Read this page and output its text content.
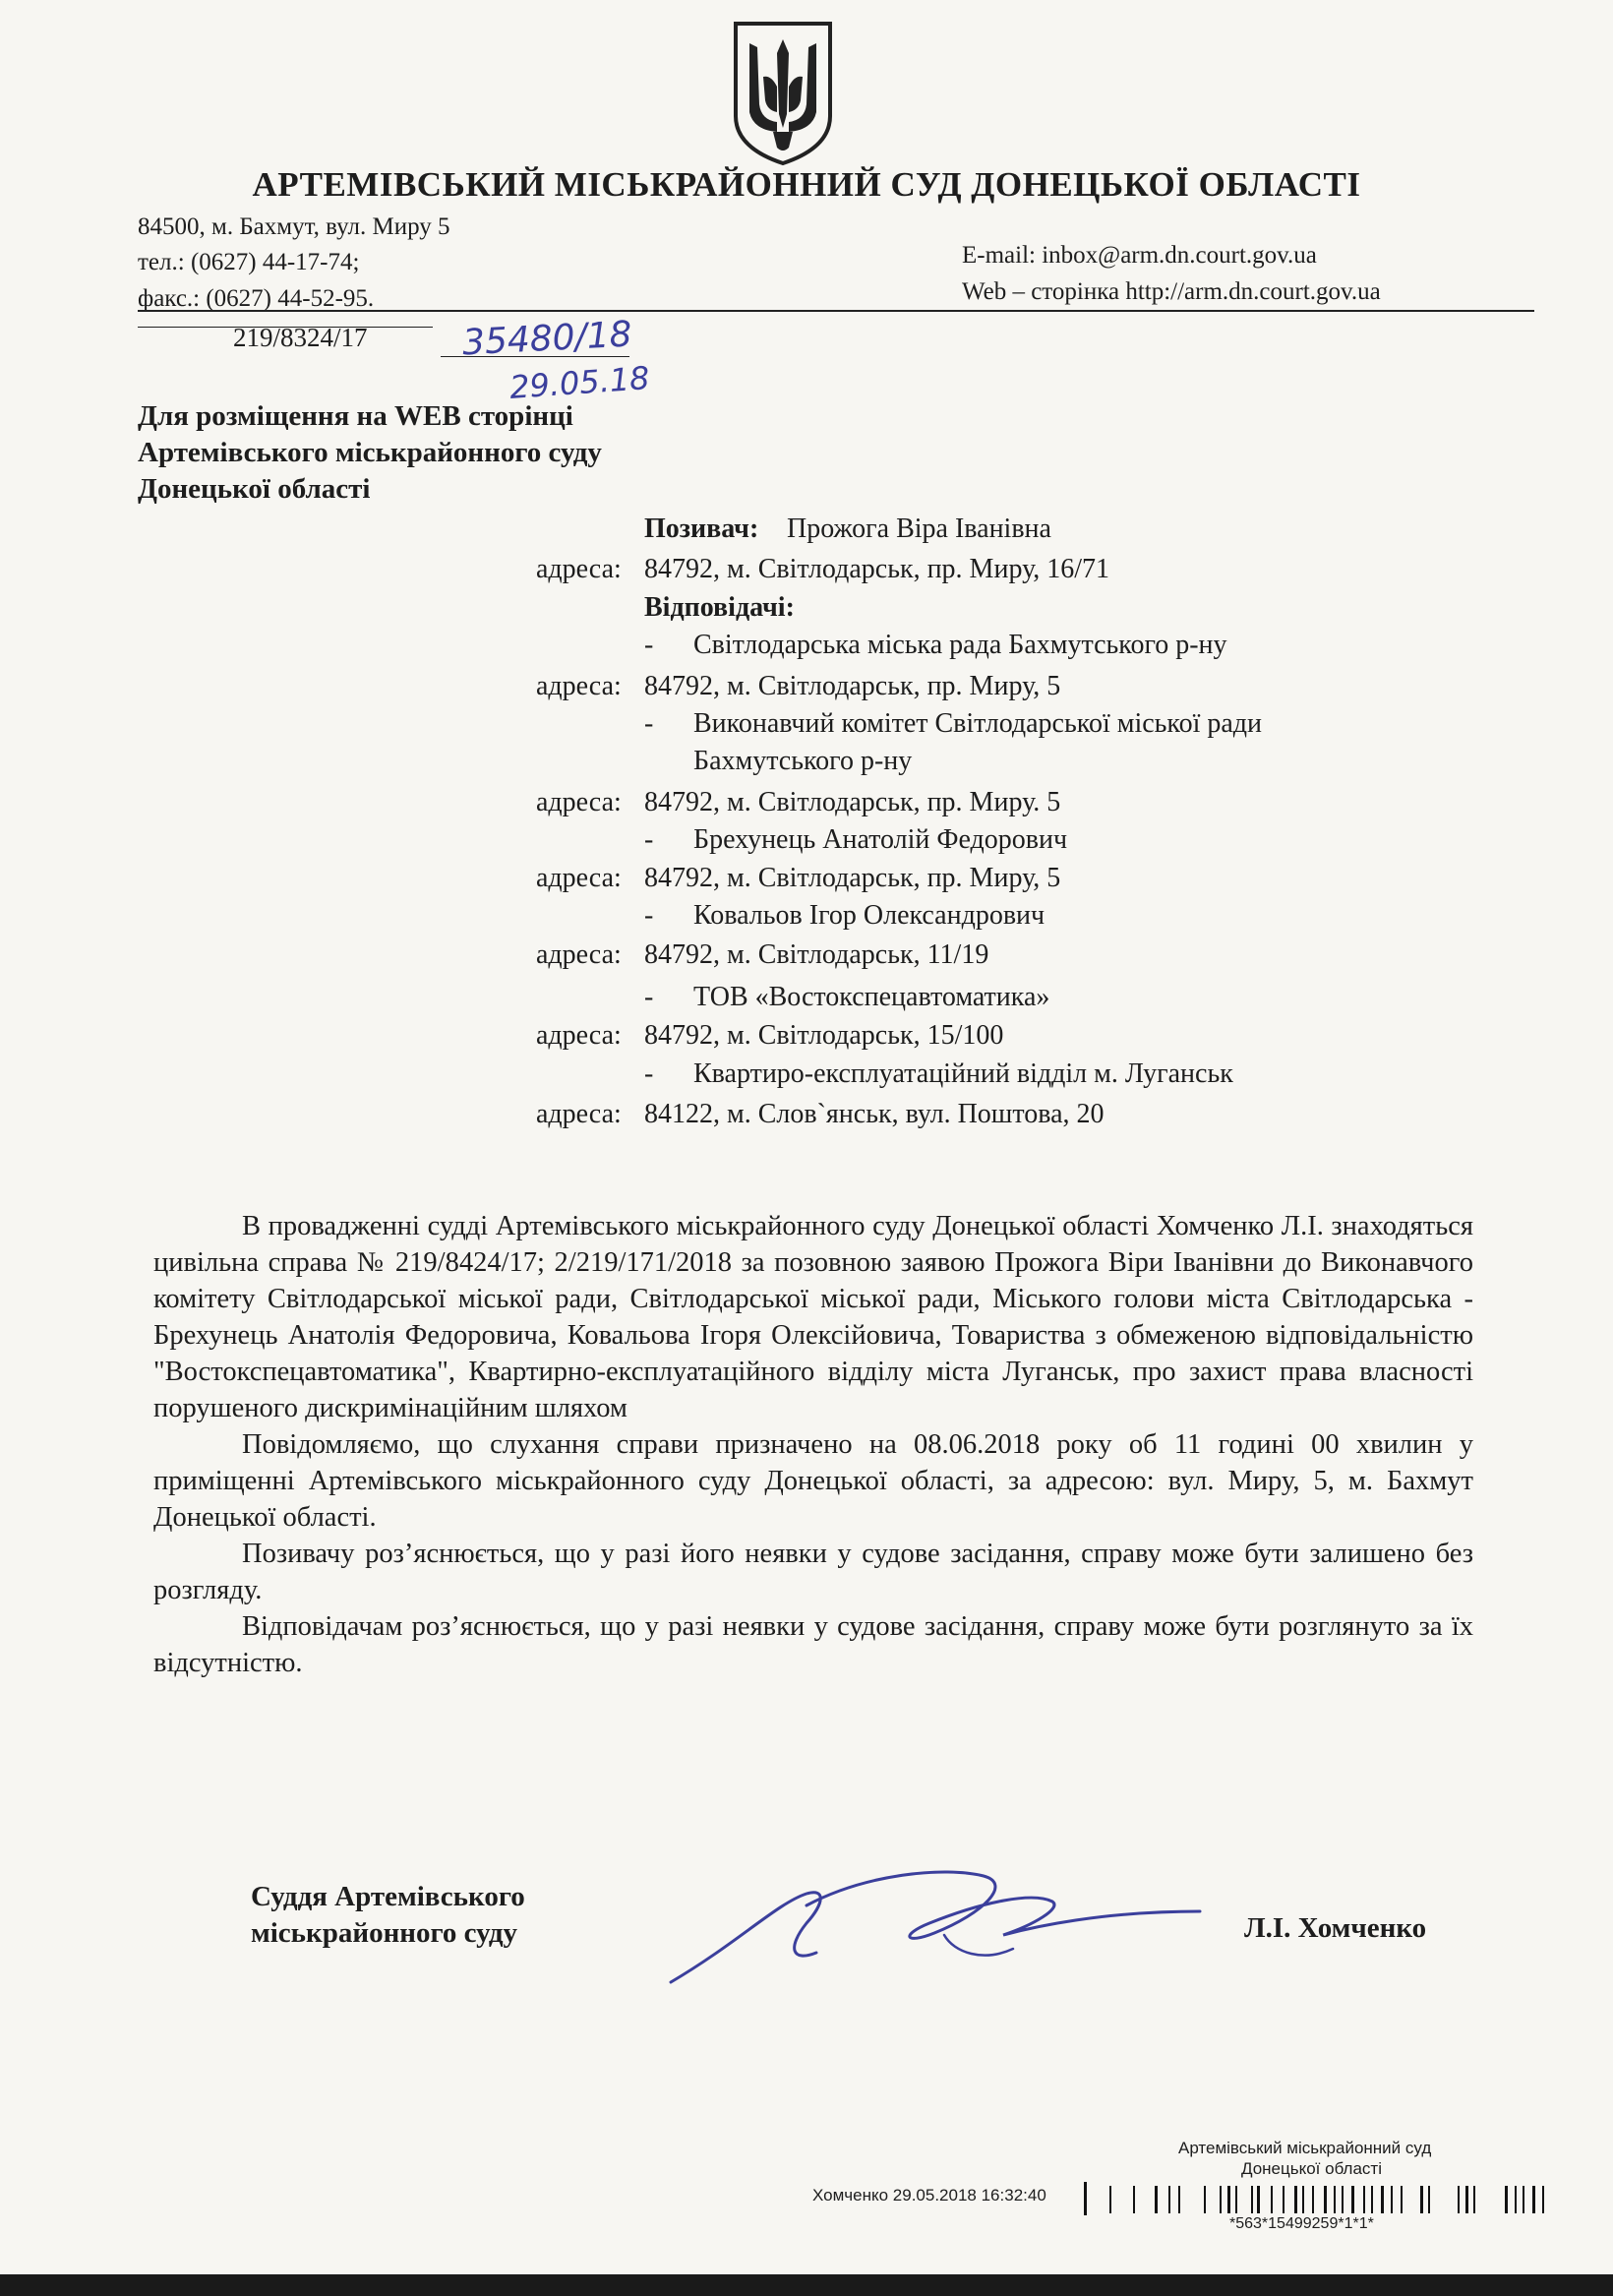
АРТЕМІВСЬКИЙ МІСЬКРАЙОННИЙ СУД ДОНЕЦЬКОЇ ОБЛАСТІ
84500, м. Бахмут, вул. Миру 5
тел.: (0627) 44-17-74;
факс.: (0627) 44-52-95.
E-mail: inbox@arm.dn.court.gov.ua
Web – сторінка http://arm.dn.court.gov.ua
219/8324/17	35480/18
29.05.18
Для розміщення на WEB сторінці
Артемівського міськрайонного суду
Донецької області
Позивач: Прожога Віра Іванівна
адреса: 84792, м. Світлодарськ, пр. Миру, 16/71
Відповідачі:
- Світлодарська міська рада Бахмутського р-ну
адреса: 84792, м. Світлодарськ, пр. Миру, 5
- Виконавчий комітет Світлодарської міської ради
Бахмутського р-ну
адреса: 84792, м. Світлодарськ, пр. Миру. 5
- Брехунець Анатолій Федорович
адреса: 84792, м. Світлодарськ, пр. Миру, 5
- Ковальов Ігор Олександрович
адреса: 84792, м. Світлодарськ, 11/19
- ТОВ «Востокспецавтоматика»
адреса: 84792, м. Світлодарськ, 15/100
- Квартиро-експлуатаційний відділ м. Луганськ
адреса: 84122, м. Слов`янськ, вул. Поштова, 20

В провадженні судді Артемівського міськрайонного суду Донецької області Хомченко Л.І. знаходяться цивільна справа № 219/8424/17; 2/219/171/2018 за позовною заявою Прожога Віри Іванівни до Виконавчого комітету Світлодарської міської ради, Світлодарської міської ради, Міського голови міста Світлодарська - Брехунець Анатолія Федоровича, Ковальова Ігоря Олексійовича, Товариства з обмеженою відповідальністю "Востокспецавтоматика", Квартирно-експлуатаційного відділу міста Луганськ, про захист права власності порушеного дискримінаційним шляхом

Повідомляємо, що слухання справи призначено на 08.06.2018 року об 11 годині 00 хвилин у приміщенні Артемівського міськрайонного суду Донецької області, за адресою: вул. Миру, 5, м. Бахмут Донецької області.

Позивачу роз’яснюється, що у разі його неявки у судове засідання, справу може бути залишено без розгляду.

Відповідачам роз’яснюється, що у разі неявки у судове засідання, справу може бути розглянуто за їх відсутністю.

Суддя Артемівського
міськрайонного суду	Л.І. Хомченко
Артемівський міськрайонний суд
Донецької області
Хомченко 29.05.2018 16:32:40
*563*15499259*1*1*
